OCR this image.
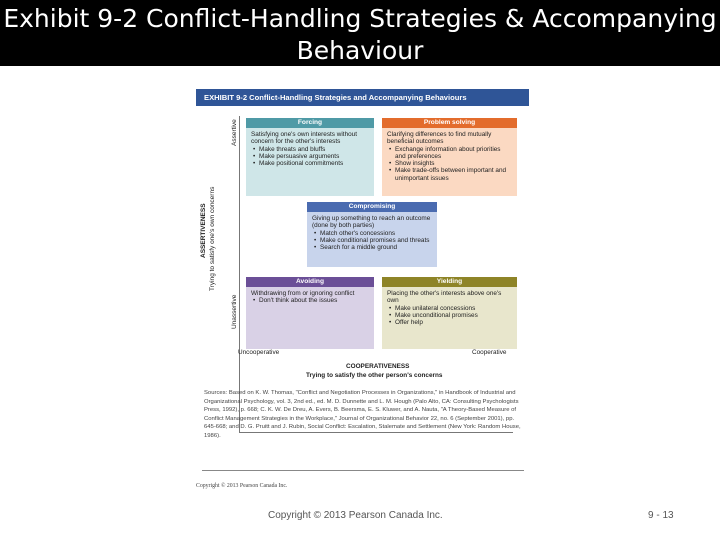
Exhibit 9-2 Conflict-Handling Strategies & Accompanying
Behaviour
EXHIBIT 9-2 Conflict-Handling Strategies and Accompanying Behaviours
Assertive
ASSERTIVENESS Trying to satisfy one's own concerns
Unassertive
Forcing
Satisfying one's own interests without concern for the other's interests
• Make threats and bluffs
• Make persuasive arguments
• Make positional commitments
Problem solving
Clarifying differences to find mutually beneficial outcomes
• Exchange information about priorities and preferences
• Show insights
• Make trade-offs between important and unimportant issues
Compromising
Giving up something to reach an outcome (done by both parties)
• Match other's concessions
• Make conditional promises and threats
• Search for a middle ground
Avoiding
Withdrawing from or ignoring conflict
• Don't think about the issues
Yielding
Placing the other's interests above one's own
• Make unilateral concessions
• Make unconditional promises
• Offer help
Uncooperative	Cooperative
COOPERATIVENESS
Trying to satisfy the other person's concerns
Sources: Based on K. W. Thomas, "Conflict and Negotiation Processes in Organizations," in Handbook of Industrial and Organizational Psychology, vol. 3, 2nd ed., ed. M. D. Dunnette and L. M. Hough (Palo Alto, CA: Consulting Psychologists Press, 1992), p. 668; C. K. W. De Dreu, A. Evers, B. Beersma, E. S. Kluwer, and A. Nauta, "A Theory-Based Measure of Conflict Management Strategies in the Workplace," Journal of Organizational Behavior 22, no. 6 (September 2001), pp. 645-668; and D. G. Pruitt and J. Rubin, Social Conflict: Escalation, Stalemate and Settlement (New York: Random House, 1986).
Copyright © 2013 Pearson Canada Inc.
Copyright © 2013 Pearson Canada Inc.	9 - 13
